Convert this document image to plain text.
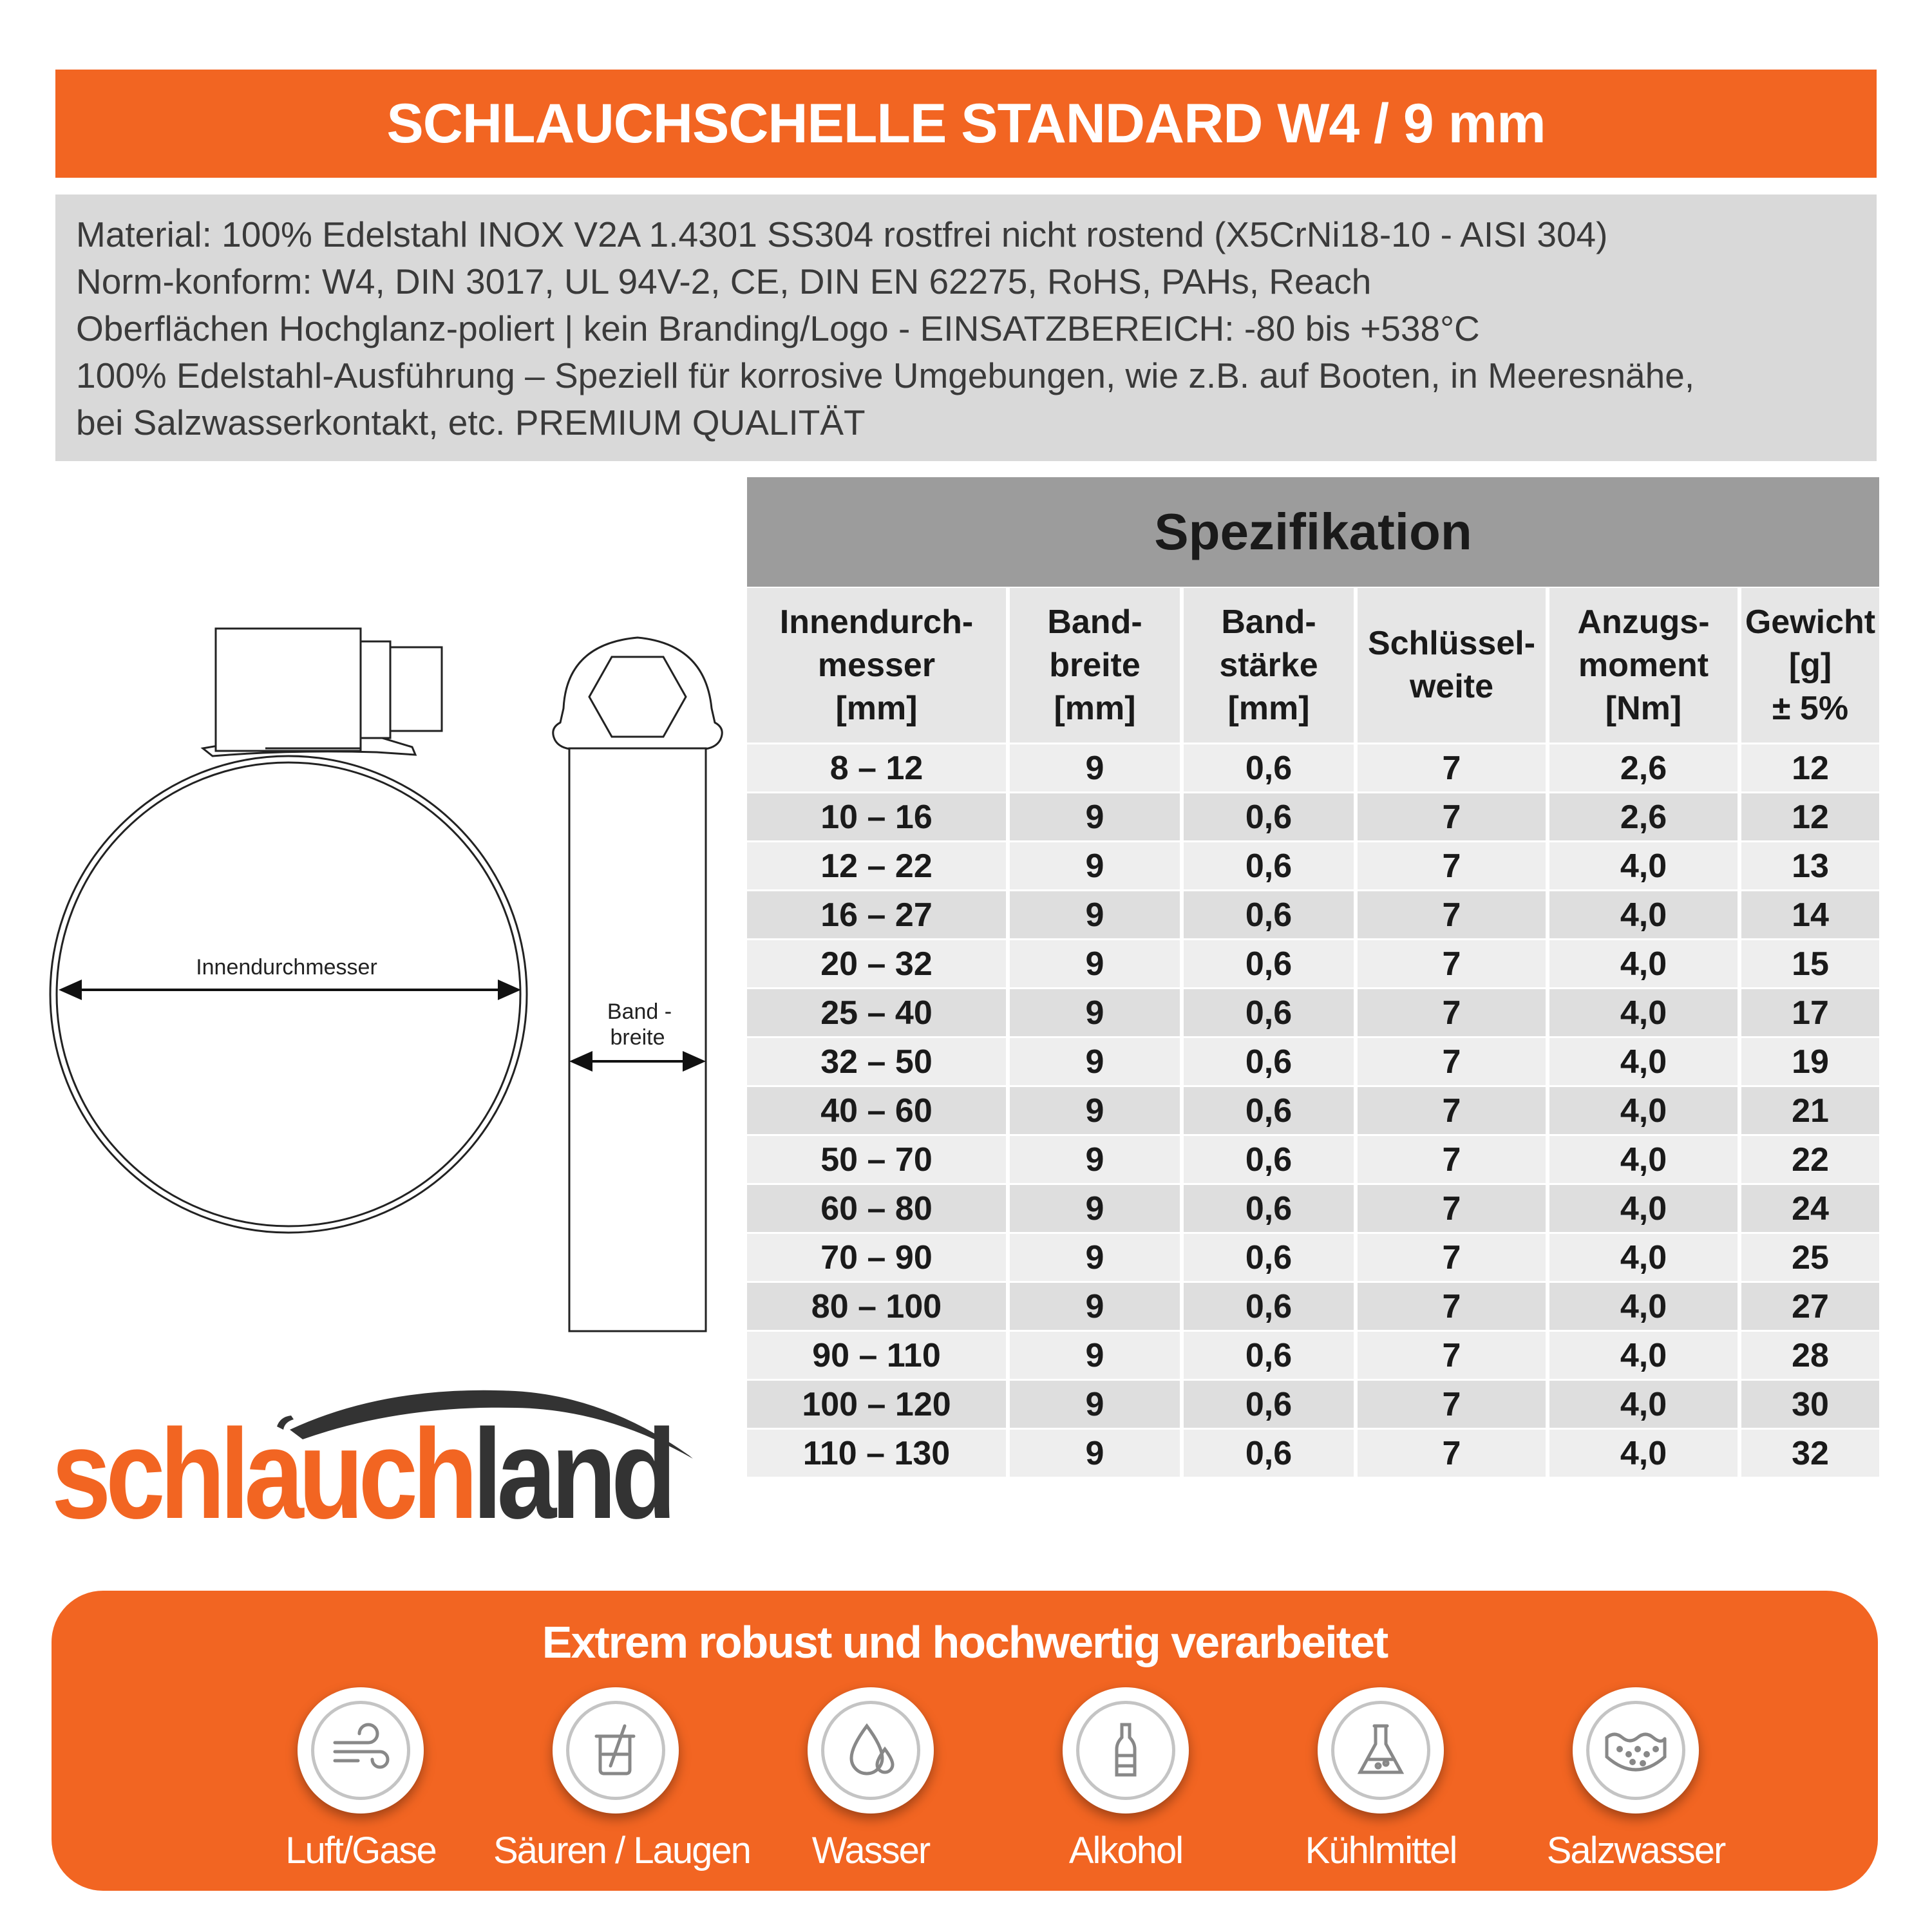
SCHLAUCHSCHELLE STANDARD W4 / 9 mm
Material: 100% Edelstahl INOX V2A 1.4301 SS304 rostfrei nicht rostend (X5CrNi18-10 - AISI 304)
Norm-konform: W4, DIN 3017, UL 94V-2, CE, DIN EN 62275, RoHS, PAHs, Reach
Oberflächen Hochglanz-poliert | kein Branding/Logo - EINSATZBEREICH: -80 bis +538°C
100% Edelstahl-Ausführung – Speziell für korrosive Umgebungen, wie z.B. auf Booten, in Meeresnähe,
bei Salzwasserkontakt, etc. PREMIUM QUALITÄT
Innendurchmesser
Band -
breite
Spezifikation
Innendurch-
messer
[mm]	Band-
breite
[mm]	Band-
stärke
[mm]	Schlüssel-
weite	Anzugs-
moment
[Nm]	Gewicht
[g]
± 5%
8 – 12	9	0,6	7	2,6	12
10 – 16	9	0,6	7	2,6	12
12 – 22	9	0,6	7	4,0	13
16 – 27	9	0,6	7	4,0	14
20 – 32	9	0,6	7	4,0	15
25 – 40	9	0,6	7	4,0	17
32 – 50	9	0,6	7	4,0	19
40 – 60	9	0,6	7	4,0	21
50 – 70	9	0,6	7	4,0	22
60 – 80	9	0,6	7	4,0	24
70 – 90	9	0,6	7	4,0	25
80 – 100	9	0,6	7	4,0	27
90 – 110	9	0,6	7	4,0	28
100 – 120	9	0,6	7	4,0	30
110 – 130	9	0,6	7	4,0	32
schlauchland
Extrem robust und hochwertig verarbeitet
Luft/Gase	Säuren / Laugen	Wasser	Alkohol	Kühlmittel	Salzwasser
